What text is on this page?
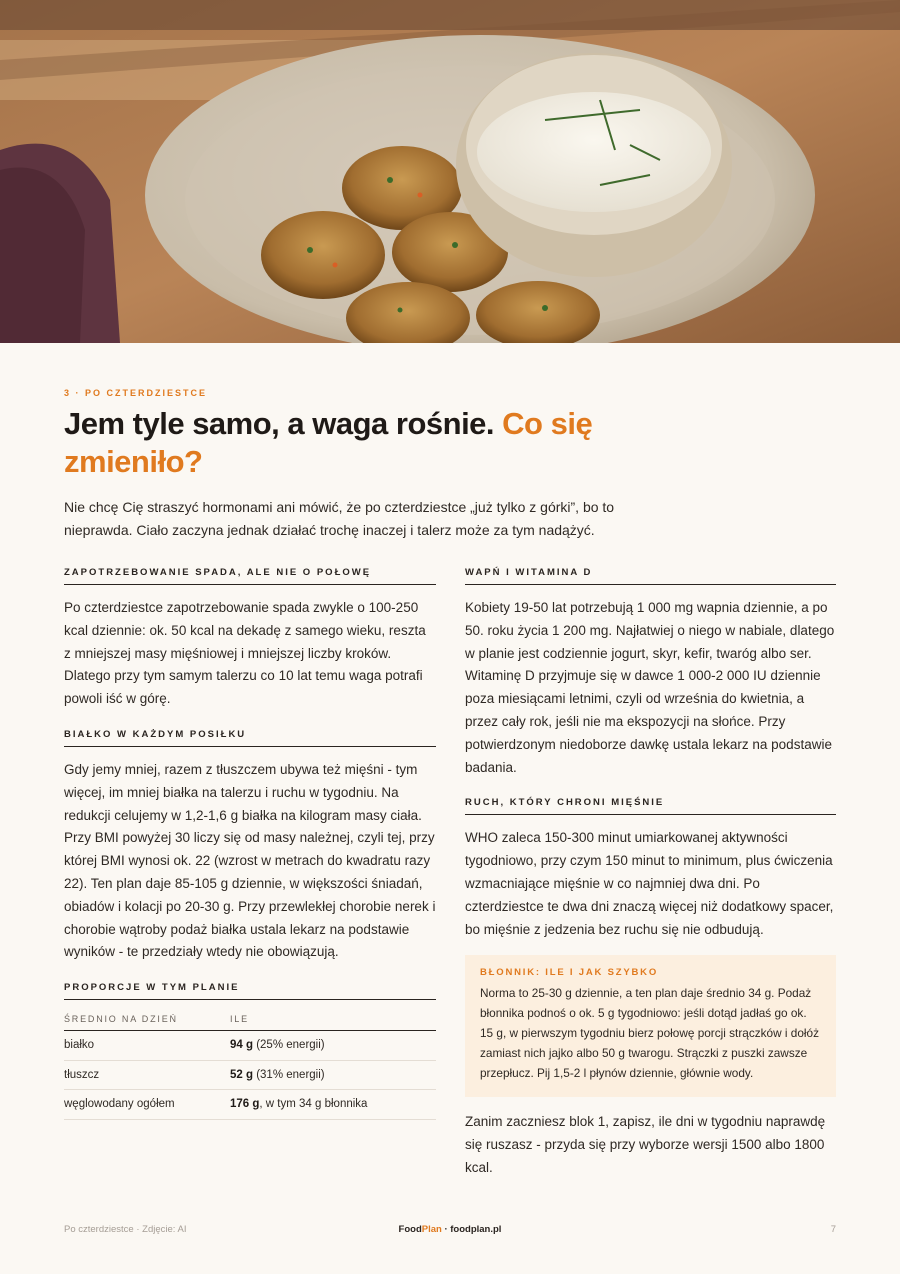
3 · PO CZTERDZIESTCE
Jem tyle samo, a waga rośnie. Co się zmieniło?

Nie chcę Cię straszyć hormonami ani mówić, że po czterdziestce „już tylko z górki”, bo to nieprawda. Ciało zaczyna jednak działać trochę inaczej i talerz może za tym nadążyć.

ZAPOTRZEBOWANIE SPADA, ALE NIE O POŁOWĘ

Po czterdziestce zapotrzebowanie spada zwykle o 100-250 kcal dziennie: ok. 50 kcal na dekadę z samego wieku, reszta z mniejszej masy mięśniowej i mniejszej liczby kroków. Dlatego przy tym samym talerzu co 10 lat temu waga potrafi powoli iść w górę.

BIAŁKO W KAŻDYM POSIŁKU

Gdy jemy mniej, razem z tłuszczem ubywa też mięśni - tym więcej, im mniej białka na talerzu i ruchu w tygodniu. Na redukcji celujemy w 1,2-1,6 g białka na kilogram masy ciała. Przy BMI powyżej 30 liczy się od masy należnej, czyli tej, przy której BMI wynosi ok. 22 (wzrost w metrach do kwadratu razy 22). Ten plan daje 85-105 g dziennie, w większości śniadań, obiadów i kolacji po 20-30 g. Przy przewlekłej chorobie nerek i chorobie wątroby podaż białka ustala lekarz na podstawie wyników - te przedziały wtedy nie obowiązują.

PROPORCJE W TYM PLANIE
ŚREDNIO NA DZIEŃ	ILE
białko	94 g (25% energii)
tłuszcz	52 g (31% energii)
węglowodany ogółem	176 g, w tym 34 g błonnika
WAPŃ I WITAMINA D

Kobiety 19-50 lat potrzebują 1 000 mg wapnia dziennie, a po 50. roku życia 1 200 mg. Najłatwiej o niego w nabiale, dlatego w planie jest codziennie jogurt, skyr, kefir, twaróg albo ser. Witaminę D przyjmuje się w dawce 1 000-2 000 IU dziennie poza miesiącami letnimi, czyli od września do kwietnia, a przez cały rok, jeśli nie ma ekspozycji na słońce. Przy potwierdzonym niedoborze dawkę ustala lekarz na podstawie badania.

RUCH, KTÓRY CHRONI MIĘŚNIE

WHO zaleca 150-300 minut umiarkowanej aktywności tygodniowo, przy czym 150 minut to minimum, plus ćwiczenia wzmacniające mięśnie w co najmniej dwa dni. Po czterdziestce te dwa dni znaczą więcej niż dodatkowy spacer, bo mięśnie z jedzenia bez ruchu się nie odbudują.

BŁONNIK: ILE I JAK SZYBKO

Norma to 25-30 g dziennie, a ten plan daje średnio 34 g. Podaż błonnika podnoś o ok. 5 g tygodniowo: jeśli dotąd jadłaś go ok. 15 g, w pierwszym tygodniu bierz połowę porcji strączków i dołóż zamiast nich jajko albo 50 g twarogu. Strączki z puszki zawsze przepłucz. Pij 1,5-2 l płynów dziennie, głównie wody.

Zanim zaczniesz blok 1, zapisz, ile dni w tygodniu naprawdę się ruszasz - przyda się przy wyborze wersji 1500 albo 1800 kcal.

Po czterdziestce · Zdjęcie: AI	FoodPlan · foodplan.pl	7
